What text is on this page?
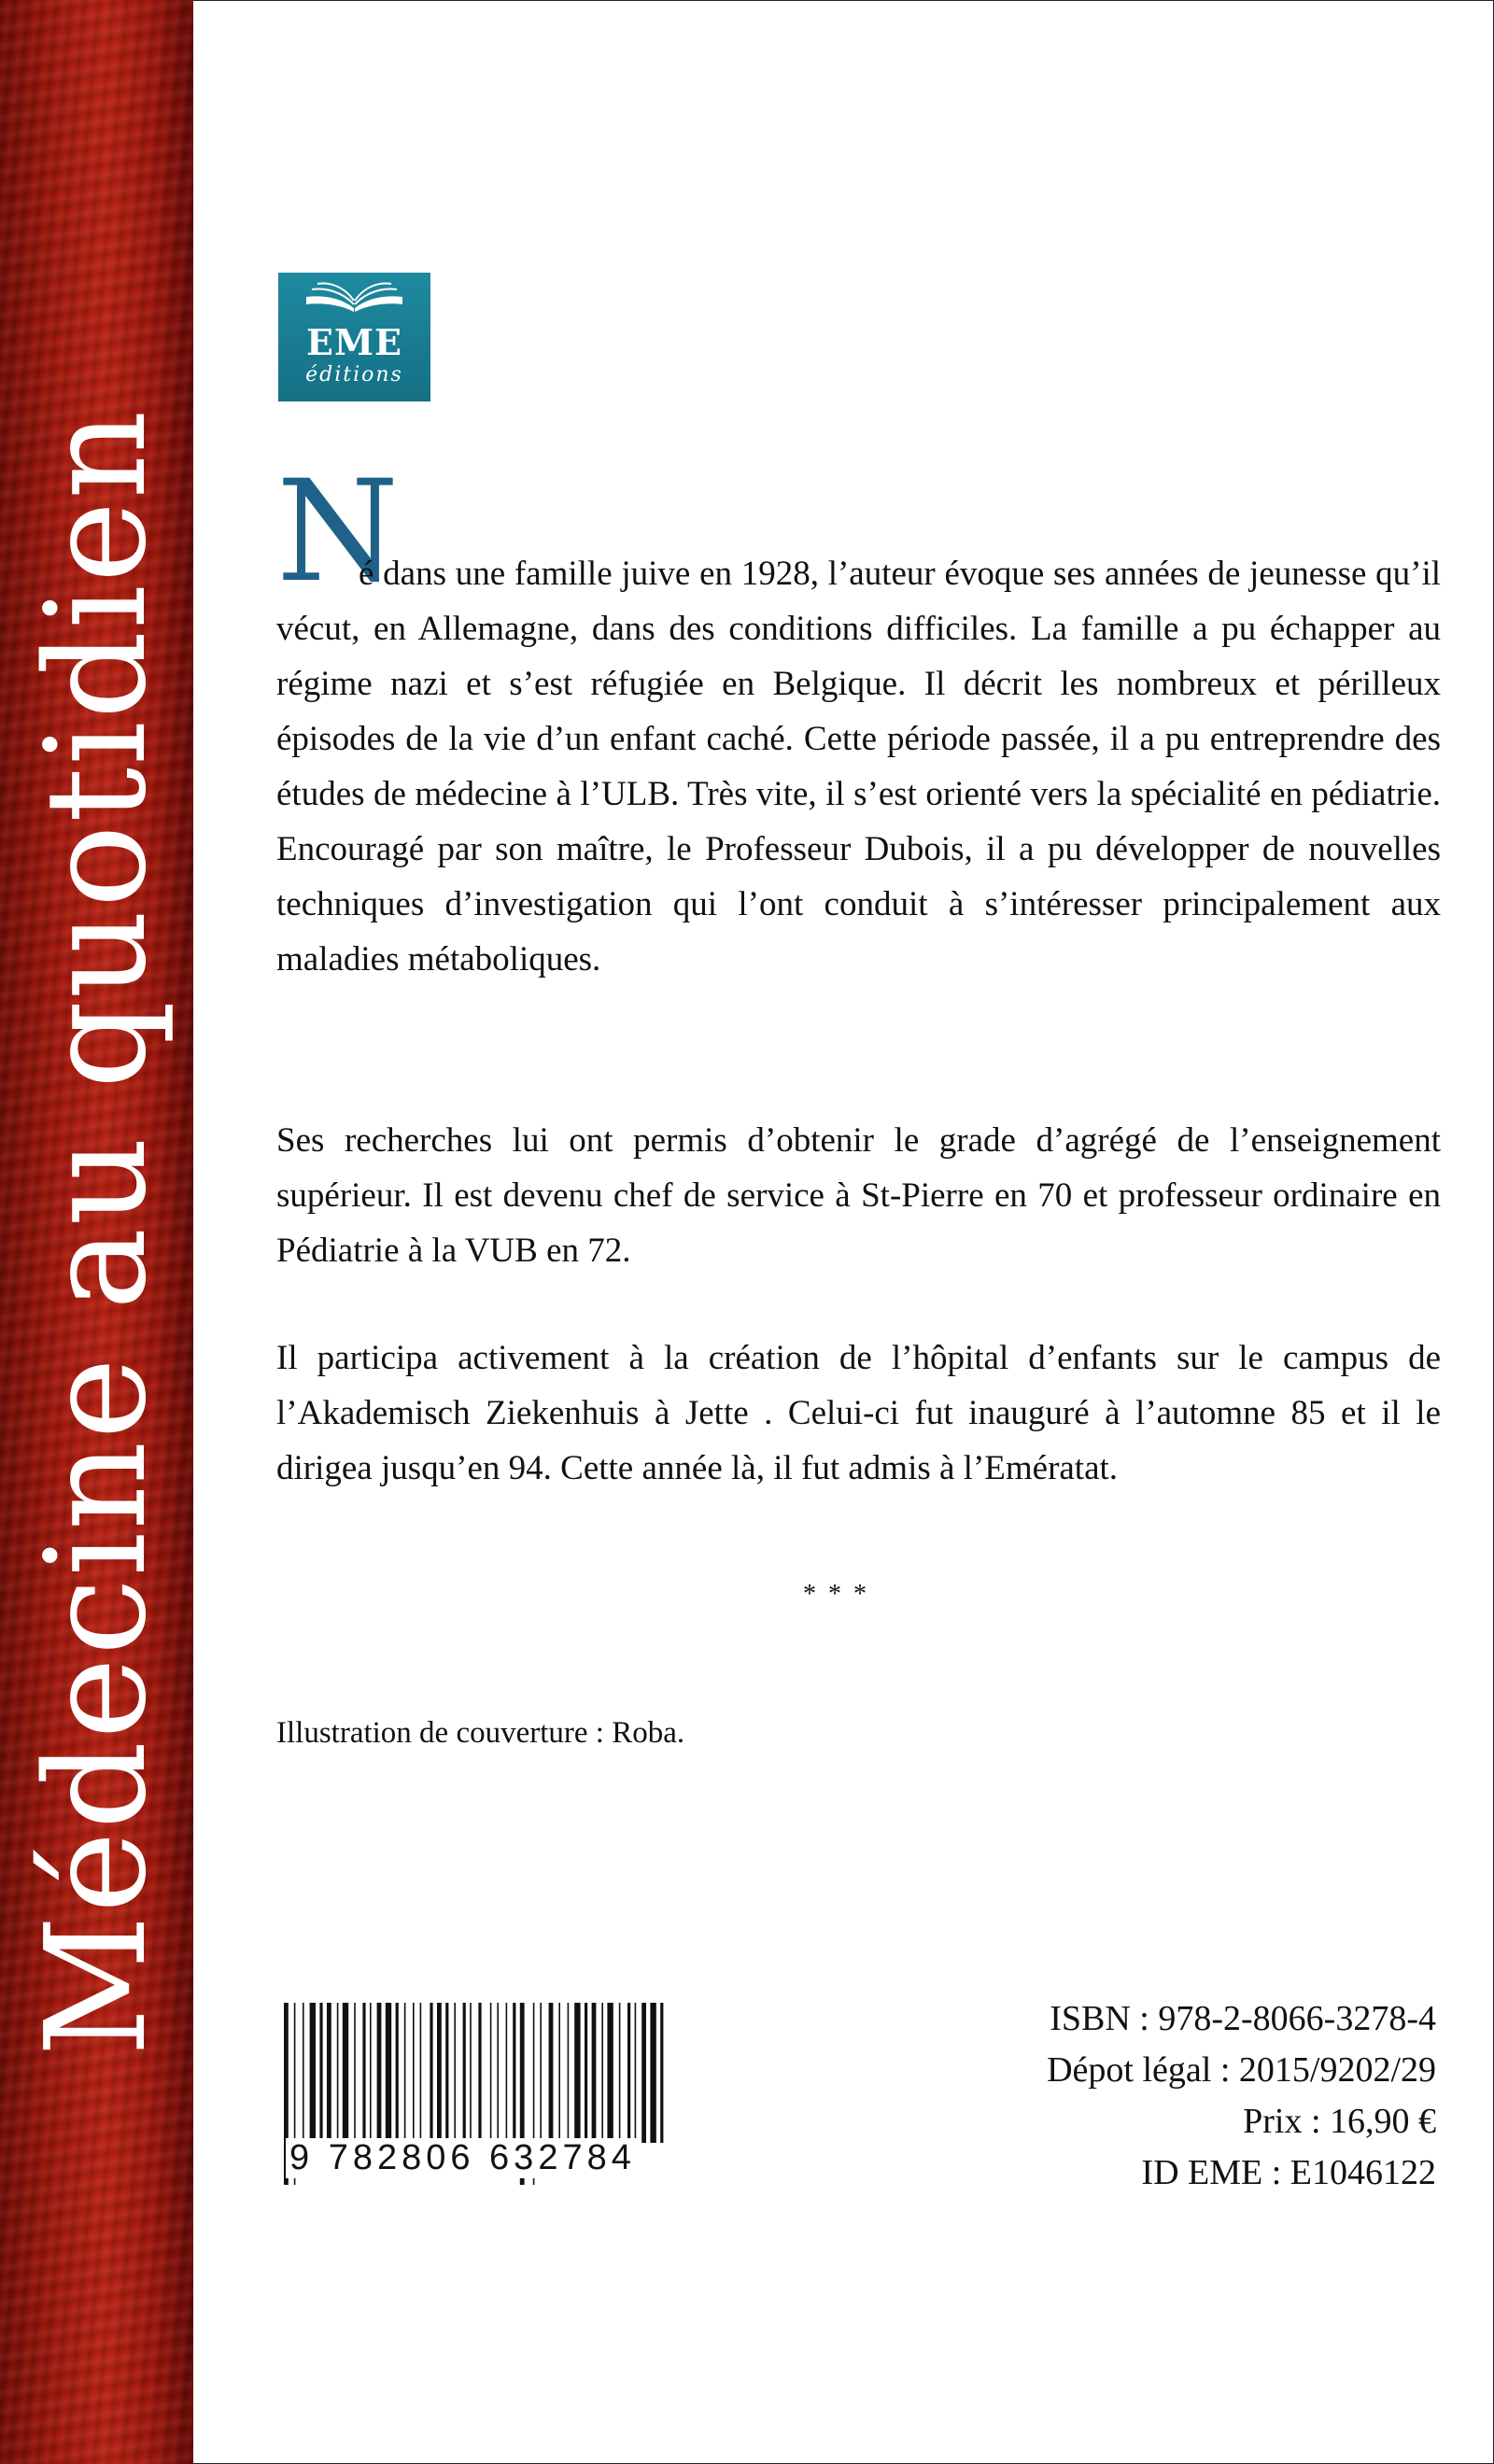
Médecine au quotidien
EME
éditions
N
é dans une famille juive en 1928, l’auteur évoque ses années de jeunesse qu’il vécut, en Allemagne, dans des conditions difficiles. La famille a pu échapper au régime nazi et s’est réfugiée en Belgique. Il décrit les nombreux et périlleux épisodes de la vie d’un enfant caché. Cette période passée, il a pu entreprendre des études de médecine à l’ULB. Très vite, il s’est orienté vers la spécialité en pédiatrie. Encouragé par son maître, le Professeur Dubois, il a pu développer de nouvelles techniques d’investigation qui l’ont conduit à s’intéresser principalement aux maladies métaboliques.
Ses recherches lui ont permis d’obtenir le grade d’agrégé de l’enseignement supérieur. Il est devenu chef de service à St-Pierre en 70 et professeur ordinaire en Pédiatrie à la VUB en 72.
Il participa activement à la création de l’hôpital d’enfants sur le campus de l’Akademisch Ziekenhuis à Jette . Celui-ci fut inauguré à l’automne 85 et il le dirigea jusqu’en 94. Cette année là, il fut admis à l’Emératat.
* * *
Illustration de couverture : Roba.
9 782806 632784
ISBN : 978-2-8066-3278-4
Dépot légal : 2015/9202/29
Prix : 16,90 €
ID EME : E1046122
